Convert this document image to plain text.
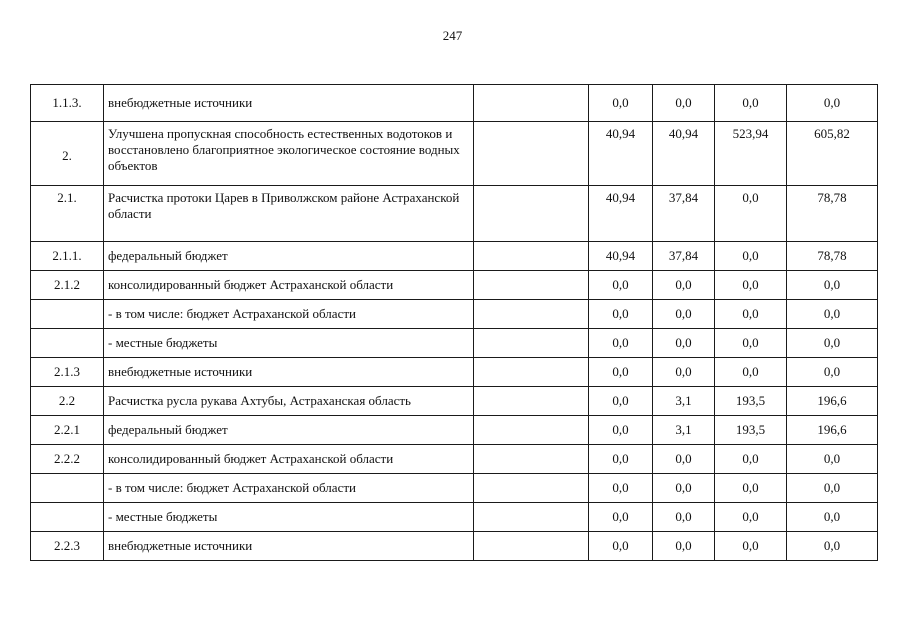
247
1.1.3.	внебюджетные источники		0,0	0,0	0,0	0,0
2.	Улучшена пропускная способность естественных водотоков и восстановлено благоприятное экологическое состояние водных объектов		40,94	40,94	523,94	605,82
2.1.	Расчистка протоки Царев в Приволжском районе Астраханской области		40,94	37,84	0,0	78,78
2.1.1.	федеральный бюджет		40,94	37,84	0,0	78,78
2.1.2	консолидированный бюджет Астраханской области		0,0	0,0	0,0	0,0
	- в том числе: бюджет Астраханской области		0,0	0,0	0,0	0,0
	- местные бюджеты		0,0	0,0	0,0	0,0
2.1.3	внебюджетные источники		0,0	0,0	0,0	0,0
2.2	Расчистка русла рукава Ахтубы, Астраханская область		0,0	3,1	193,5	196,6
2.2.1	федеральный бюджет		0,0	3,1	193,5	196,6
2.2.2	консолидированный бюджет Астраханской области		0,0	0,0	0,0	0,0
	- в том числе: бюджет Астраханской области		0,0	0,0	0,0	0,0
	- местные бюджеты		0,0	0,0	0,0	0,0
2.2.3	внебюджетные источники		0,0	0,0	0,0	0,0
